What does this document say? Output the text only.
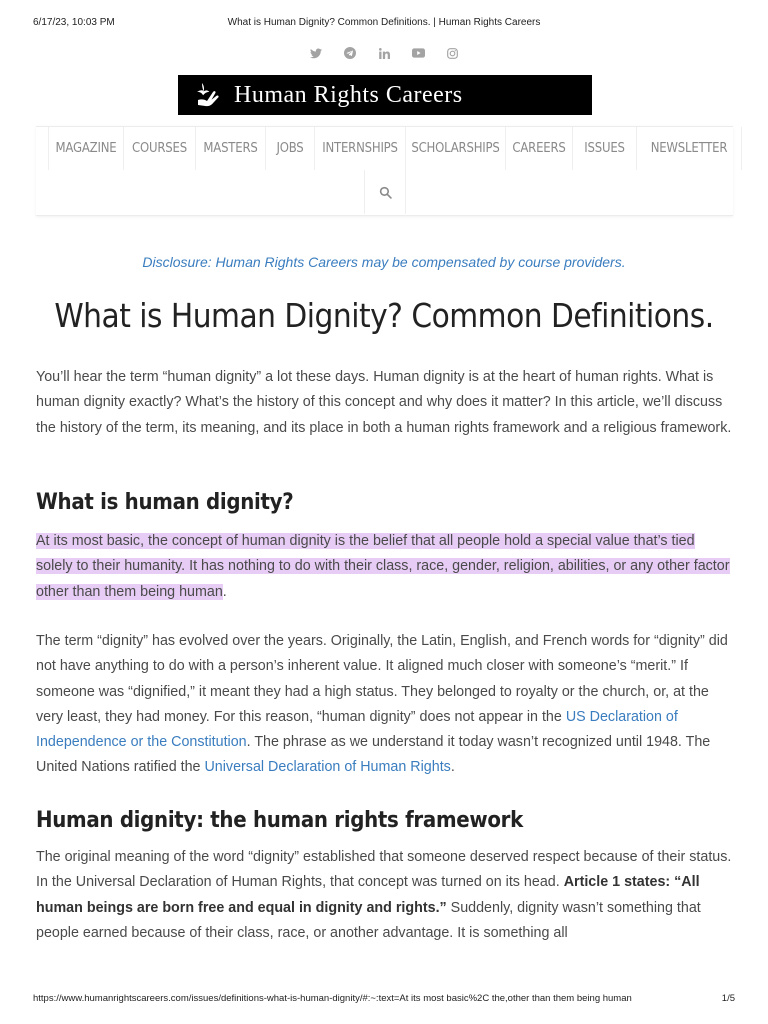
6/17/23, 10:03 PM	What is Human Dignity? Common Definitions. | Human Rights Careers
Human Rights Careers
MAGAZINE	COURSES	MASTERS	JOBS	INTERNSHIPS	SCHOLARSHIPS CAREERS	ISSUES	NEWSLETTER
Disclosure: Human Rights Careers may be compensated by course providers.
What is Human Dignity? Common Definitions.

You’ll hear the term “human dignity” a lot these days. Human dignity is at the heart of human rights. What is human dignity exactly? What’s the history of this concept and why does it matter? In this article, we’ll discuss the history of the term, its meaning, and its place in both a human rights framework and a religious framework.

What is human dignity?

At its most basic, the concept of human dignity is the belief that all people hold a special value that’s tied solely to their humanity. It has nothing to do with their class, race, gender, religion, abilities, or any other factor other than them being human.

The term “dignity” has evolved over the years. Originally, the Latin, English, and French words for “dignity” did not have anything to do with a person’s inherent value. It aligned much closer with someone’s “merit.” If someone was “dignified,” it meant they had a high status. They belonged to royalty or the church, or, at the very least, they had money. For this reason, “human dignity” does not appear in the US Declaration of Independence or the Constitution. The phrase as we understand it today wasn’t recognized until 1948. The United Nations ratified the Universal Declaration of Human Rights.

Human dignity: the human rights framework

The original meaning of the word “dignity” established that someone deserved respect because of their status. In the Universal Declaration of Human Rights, that concept was turned on its head. Article 1 states: “All human beings are born free and equal in dignity and rights.” Suddenly, dignity wasn’t something that people earned because of their class, race, or another advantage. It is something all

https://www.humanrightscareers.com/issues/definitions-what-is-human-dignity/#:~:text=At its most basic%2C the,other than them being human	1/5
